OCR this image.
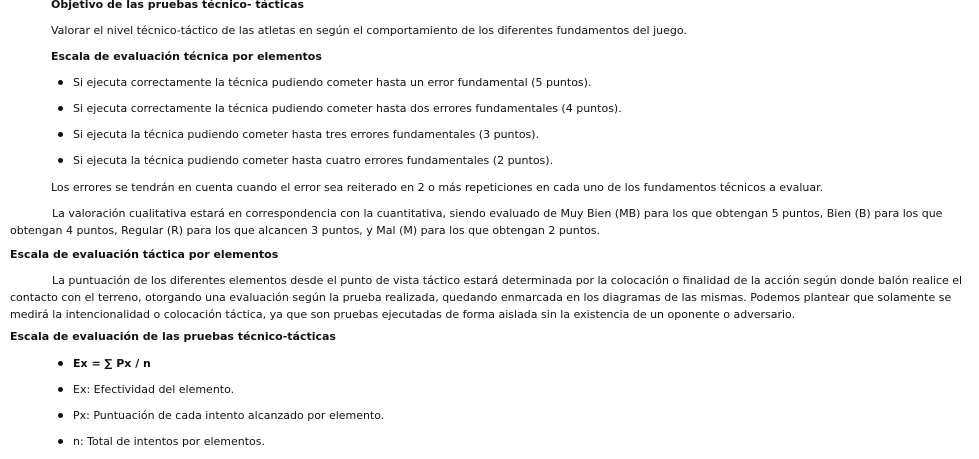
Objetivo de las pruebas técnico- tácticas

Valorar el nivel técnico-táctico de las atletas en según el comportamiento de los diferentes fundamentos del juego.

Escala de evaluación técnica por elementos
Si ejecuta correctamente la técnica pudiendo cometer hasta un error fundamental (5 puntos).
Si ejecuta correctamente la técnica pudiendo cometer hasta dos errores fundamentales (4 puntos).
Si ejecuta la técnica pudiendo cometer hasta tres errores fundamentales (3 puntos).
Si ejecuta la técnica pudiendo cometer hasta cuatro errores fundamentales (2 puntos).

Los errores se tendrán en cuenta cuando el error sea reiterado en 2 o más repeticiones en cada uno de los fundamentos técnicos a evaluar.

La valoración cualitativa estará en correspondencia con la cuantitativa, siendo evaluado de Muy Bien (MB) para los que obtengan 5 puntos, Bien (B) para los que obtengan 4 puntos, Regular (R) para los que alcancen 3 puntos, y Mal (M) para los que obtengan 2 puntos.

Escala de evaluación táctica por elementos

La puntuación de los diferentes elementos desde el punto de vista táctico estará determinada por la colocación o finalidad de la acción según donde balón realice el contacto con el terreno, otorgando una evaluación según la prueba realizada, quedando enmarcada en los diagramas de las mismas. Podemos plantear que solamente se medirá la intencionalidad o colocación táctica, ya que son pruebas ejecutadas de forma aislada sin la existencia de un oponente o adversario.

Escala de evaluación de las pruebas técnico-tácticas
Ex = ∑ Px / n
Ex: Efectividad del elemento.
Px: Puntuación de cada intento alcanzado por elemento.
n: Total de intentos por elementos.
